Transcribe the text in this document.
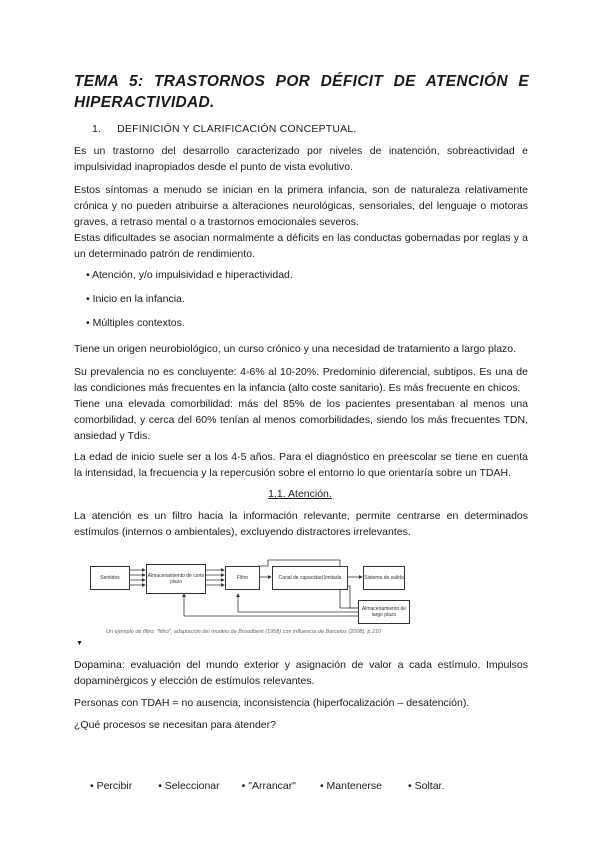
TEMA 5: TRASTORNOS POR DÉFICIT DE ATENCIÓN E
HIPERACTIVIDAD.
1. DEFINICIÓN Y CLARIFICACIÓN CONCEPTUAL.
Es un trastorno del desarrollo caracterizado por niveles de inatención, sobreactividad e impulsividad inapropiados desde el punto de vista evolutivo.
Estos síntomas a menudo se inician en la primera infancia, son de naturaleza relativamente crónica y no pueden atribuirse a alteraciones neurológicas, sensoriales, del lenguaje o motoras graves, a retraso mental o a trastornos emocionales severos.
Estas dificultades se asocian normalmente a déficits en las conductas gobernadas por reglas y a un determinado patrón de rendimiento.
• Atención, y/o impulsividad e hiperactividad.
• Inicio en la infancia.
• Múltiples contextos.
Tiene un origen neurobiológico, un curso crónico y una necesidad de tratamiento a largo plazo.
Su prevalencia no es concluyente: 4-6% al 10-20%. Predominio diferencial, subtipos. Es una de las condiciones más frecuentes en la infancia (alto coste sanitario). Es más frecuente en chicos.
Tiene una elevada comorbilidad: más del 85% de los pacientes presentaban al menos una comorbilidad, y cerca del 60% tenían al menos comorbilidades, siendo los más frecuentes TDN, ansiedad y Tdis.
La edad de inicio suele ser a los 4-5 años. Para el diagnóstico en preescolar se tiene en cuenta la intensidad, la frecuencia y la repercusión sobre el entorno lo que orientaría sobre un TDAH.
1.1. Atención.
La atención es un filtro hacia la información relevante, permite centrarse en determinados estímulos (internos o ambientales), excluyendo distractores irrelevantes.
Sentidos	Almacenamiento de corto plazo
Filtro	Canal de capacidad limitada	Sistema de salida
Almacenamiento de largo plazo
Un ejemplo de filtro: "filtro", adaptación del modelo de Broadbent (1958) con influencia de Barcelos (2008), p.210
▼
Dopamina: evaluación del mundo exterior y asignación de valor a cada estímulo. Impulsos dopaminérgicos y elección de estímulos relevantes.
Personas con TDAH = no ausencia, inconsistencia (hiperfocalización – desatención).
¿Qué procesos se necesitan para atender?
• Percibir • Seleccionar • "Arrancar" • Mantenerse • Soltar.
